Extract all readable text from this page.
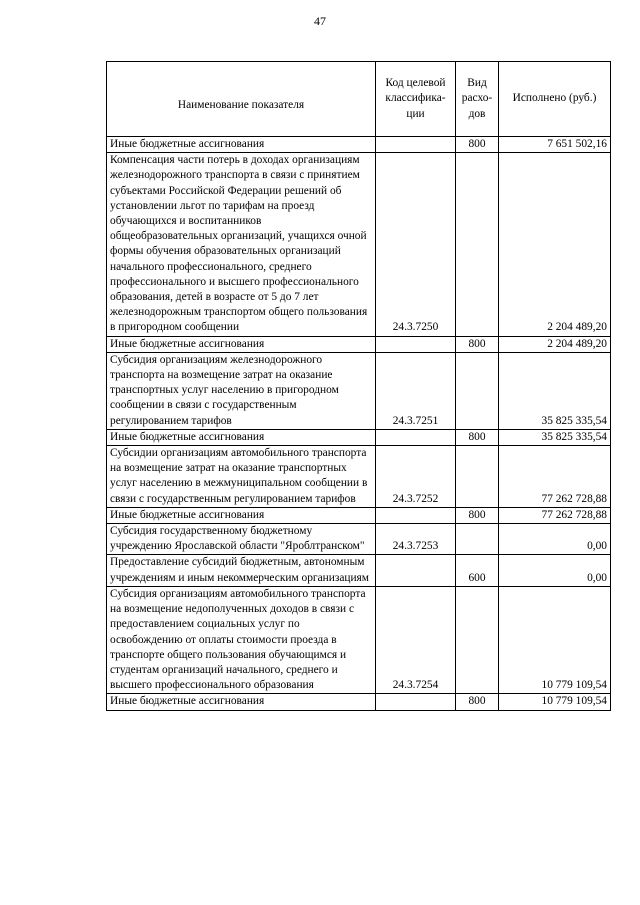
47
Наименование показателя	Код целевой классифика-ции	Вид расхо-дов	Исполнено (руб.)
Иные бюджетные ассигнования		800	7 651 502,16
Компенсация части потерь в доходах организациям железнодорожного транспорта в связи с принятием субъектами Российской Федерации решений об установлении льгот по тарифам на проезд обучающихся и воспитанников общеобразовательных организаций, учащихся очной формы обучения образовательных организаций начального профессионального, среднего профессионального и высшего профессионального образования, детей в возрасте от 5 до 7 лет железнодорожным транспортом общего пользования в пригородном сообщении	24.3.7250		2 204 489,20
Иные бюджетные ассигнования		800	2 204 489,20
Субсидия организациям железнодорожного транспорта на возмещение затрат на оказание транспортных услуг населению в пригородном сообщении в связи с государственным регулированием тарифов	24.3.7251		35 825 335,54
Иные бюджетные ассигнования		800	35 825 335,54
Субсидии организациям автомобильного транспорта на возмещение затрат на оказание транспортных услуг населению в межмуниципальном сообщении в связи с государственным регулированием тарифов	24.3.7252		77 262 728,88
Иные бюджетные ассигнования		800	77 262 728,88
Субсидия государственному бюджетному учреждению Ярославской области "Яроблтранском"	24.3.7253		0,00
Предоставление субсидий бюджетным, автономным учреждениям и иным некоммерческим организациям		600	0,00
Субсидия организациям автомобильного транспорта на возмещение недополученных доходов в связи с предоставлением социальных услуг по освобождению от оплаты стоимости проезда в транспорте общего пользования обучающимся и студентам организаций начального, среднего и высшего профессионального образования	24.3.7254		10 779 109,54
Иные бюджетные ассигнования		800	10 779 109,54
